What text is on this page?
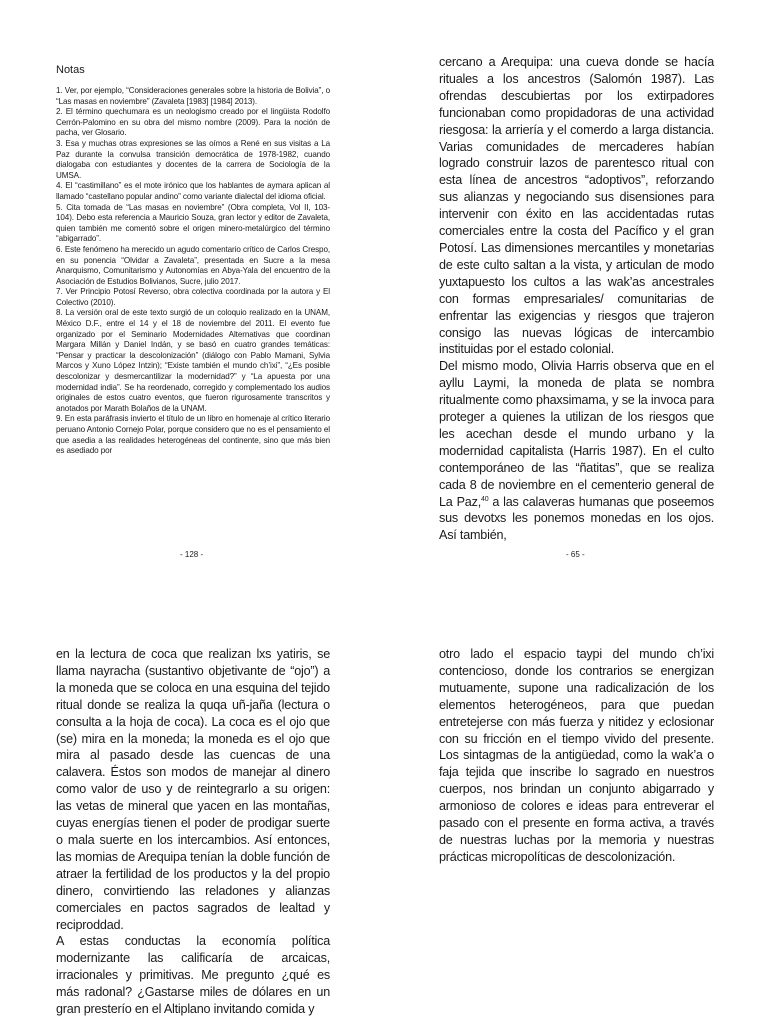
Notas

1. Ver, por ejemplo, “Consideraciones generales sobre la historia de Bolivia”, o “Las masas en noviembre” (Zavaleta [1983] [1984] 2013).

2. El término quechumara es un neologismo creado por el lingüista Rodolfo Cerrón-Palomino en su obra del mismo nombre (2009). Para la noción de pacha, ver Glosario.

3. Esa y muchas otras expresiones se las oímos a René en sus visitas a La Paz durante la convulsa transición democrática de 1978-1982, cuando dialogaba con estudiantes y docentes de la carrera de Sociología de la UMSA.

4. El “castimillano” es el mote irónico que los hablantes de aymara aplican al llamado “castellano popular andino” como variante dialectal del idioma oficial.

5. Cita tomada de “Las masas en noviembre” (Obra completa, Vol II, 103-104). Debo esta referencia a Mauricio Souza, gran lector y editor de Zavaleta, quien también me comentó sobre el origen minero-metalúrgico del término “abigarrado”.

6. Este fenómeno ha merecido un agudo comentario crítico de Carlos Crespo, en su ponencia “Olvidar a Zavaleta”, presentada en Sucre a la mesa Anarquismo, Comunitarismo y Autonomías en Abya-Yala del encuentro de la Asociación de Estudios Bolivianos, Sucre, julio 2017.

7. Ver Principio Potosí Reverso, obra colectiva coordinada por la autora y El Colectivo (2010).

8. La versión oral de este texto surgió de un coloquio realizado en la UNAM, México D.F., entre el 14 y el 18 de noviembre del 2011. El evento fue organizado por el Seminario Modernidades Alternativas que coordinan Margara Millán y Daniel Indán, y se basó en cuatro grandes temáticas: “Pensar y practicar la descolonización” (diálogo con Pablo Mamani, Sylvia Marcos y Xuno López Intzin); “Existe también el mundo ch’ixi”, “¿Es posible descolonizar y desmercantilizar la modernidad?” y “La apuesta por una modernidad india”. Se ha reordenado, corregido y complementado los audios originales de estos cuatro eventos, que fueron rigurosamente transcritos y anotados por Marath Bolaños de la UNAM.

9. En esta paráfrasis invierto el título de un libro en homenaje al crítico literario peruano Antonio Cornejo Polar, porque considero que no es el pensamiento el que asedia a las realidades heterogéneas del continente, sino que más bien es asediado por

- 128 -

cercano a Arequipa: una cueva donde se hacía rituales a los ancestros (Salomón 1987). Las ofrendas descubiertas por los extirpadores funcionaban como propidadoras de una actividad riesgosa: la arriería y el comerdo a larga distancia. Varias comunidades de mercaderes habían logrado construir lazos de parentesco ritual con esta línea de ancestros “adoptivos”, reforzando sus alianzas y negociando sus disensiones para intervenir con éxito en las accidentadas rutas comerciales entre la costa del Pacífico y el gran Potosí. Las dimensiones mercantiles y monetarias de este culto saltan a la vista, y articulan de modo yuxtapuesto los cultos a las wak’as ancestrales con formas empresariales/ comunitarias de enfrentar las exigencias y riesgos que trajeron consigo las nuevas lógicas de intercambio instituidas por el estado colonial.

Del mismo modo, Olivia Harris observa que en el ayllu Laymi, la moneda de plata se nombra ritualmente como phaxsimama, y se la invoca para proteger a quienes la utilizan de los riesgos que les acechan desde el mundo urbano y la modernidad capitalista (Harris 1987). En el culto contemporáneo de las “ñatitas”, que se realiza cada 8 de noviembre en el cementerio general de La Paz,$^{40}$ a las calaveras humanas que poseemos sus devotxs les ponemos monedas en los ojos. Así también,

- 65 -

en la lectura de coca que realizan lxs yatiris, se llama nayracha (sustantivo objetivante de “ojo”) a la moneda que se coloca en una esquina del tejido ritual donde se realiza la quqa uñ-jaña (lectura o consulta a la hoja de coca). La coca es el ojo que (se) mira en la moneda; la moneda es el ojo que mira al pasado desde las cuencas de una calavera. Éstos son modos de manejar al dinero como valor de uso y de reintegrarlo a su origen: las vetas de mineral que yacen en las montañas, cuyas energías tienen el poder de prodigar suerte o mala suerte en los intercambios. Así entonces, las momias de Arequipa tenían la doble función de atraer la fertilidad de los productos y la del propio dinero, convirtiendo las reladones y alianzas comerciales en pactos sagrados de lealtad y reciproddad.

A estas conductas la economía política modernizante las calificaría de arcaicas, irracionales y primitivas. Me pregunto ¿qué es más radonal? ¿Gastarse miles de dólares en un gran presterío en el Altiplano invitando comida y

otro lado el espacio taypi del mundo ch’ixi contencioso, donde los contrarios se energizan mutuamente, supone una radicalización de los elementos heterogéneos, para que puedan entretejerse con más fuerza y nitidez y eclosionar con su fricción en el tiempo vivido del presente. Los sintagmas de la antigüedad, como la wak’a o faja tejida que inscribe lo sagrado en nuestros cuerpos, nos brindan un conjunto abigarrado y armonioso de colores e ideas para entreverar el pasado con el presente en forma activa, a través de nuestras luchas por la memoria y nuestras prácticas micropolíticas de descolonización.
